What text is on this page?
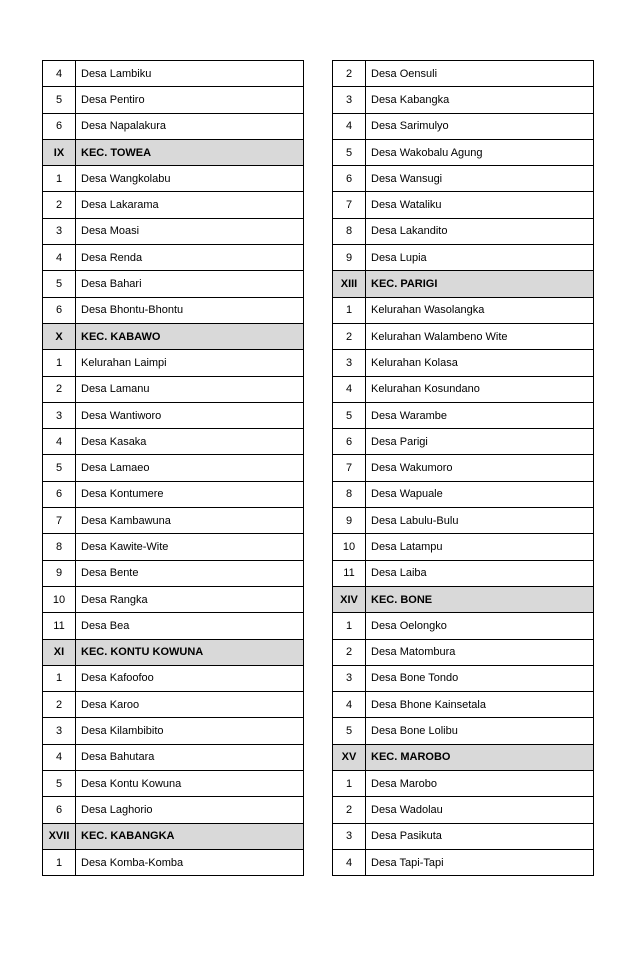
4	Desa Lambiku
5	Desa Pentiro
6	Desa Napalakura
IX	KEC. TOWEA
1	Desa Wangkolabu
2	Desa Lakarama
3	Desa Moasi
4	Desa Renda
5	Desa Bahari
6	Desa Bhontu-Bhontu
X	KEC. KABAWO
1	Kelurahan Laimpi
2	Desa Lamanu
3	Desa Wantiworo
4	Desa Kasaka
5	Desa Lamaeo
6	Desa Kontumere
7	Desa Kambawuna
8	Desa Kawite-Wite
9	Desa Bente
10	Desa Rangka
11	Desa Bea
XI	KEC. KONTU KOWUNA
1	Desa Kafoofoo
2	Desa Karoo
3	Desa Kilambibito
4	Desa Bahutara
5	Desa Kontu Kowuna
6	Desa Laghorio
XVII	KEC. KABANGKA
1	Desa Komba-Komba
2	Desa Oensuli
3	Desa Kabangka
4	Desa Sarimulyo
5	Desa Wakobalu Agung
6	Desa Wansugi
7	Desa Wataliku
8	Desa Lakandito
9	Desa Lupia
XIII	KEC. PARIGI
1	Kelurahan Wasolangka
2	Kelurahan Walambeno Wite
3	Kelurahan Kolasa
4	Kelurahan Kosundano
5	Desa Warambe
6	Desa Parigi
7	Desa Wakumoro
8	Desa Wapuale
9	Desa Labulu-Bulu
10	Desa Latampu
11	Desa Laiba
XIV	KEC. BONE
1	Desa Oelongko
2	Desa Matombura
3	Desa Bone Tondo
4	Desa Bhone Kainsetala
5	Desa Bone Lolibu
XV	KEC. MAROBO
1	Desa Marobo
2	Desa Wadolau
3	Desa Pasikuta
4	Desa Tapi-Tapi
